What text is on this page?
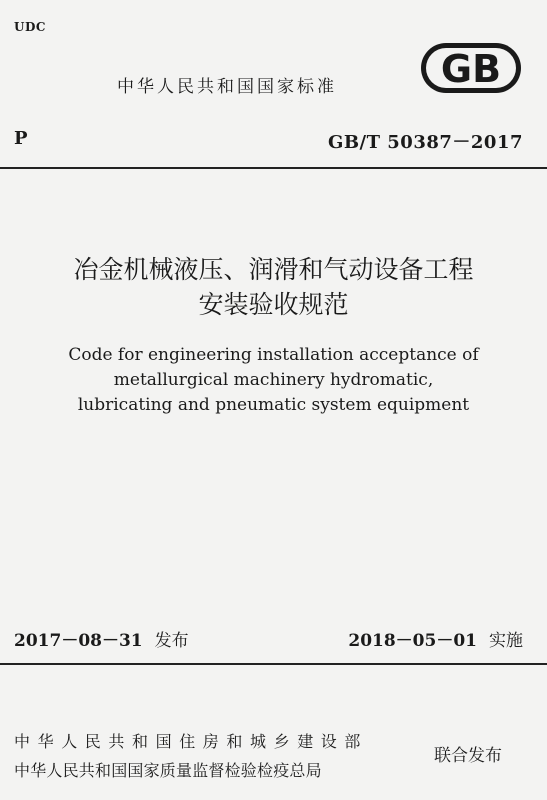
UDC
中华人民共和国国家标准	GB
P	GB/T 50387－2017
冶金机械液压、润滑和气动设备工程
安装验收规范
Code for engineering installation acceptance of
metallurgical machinery hydromatic,
lubricating and pneumatic system equipment
2017－08－31 发布	2018－05－01 实施
中华人民共和国住房和城乡建设部
中华人民共和国国家质量监督检验检疫总局
联合发布
